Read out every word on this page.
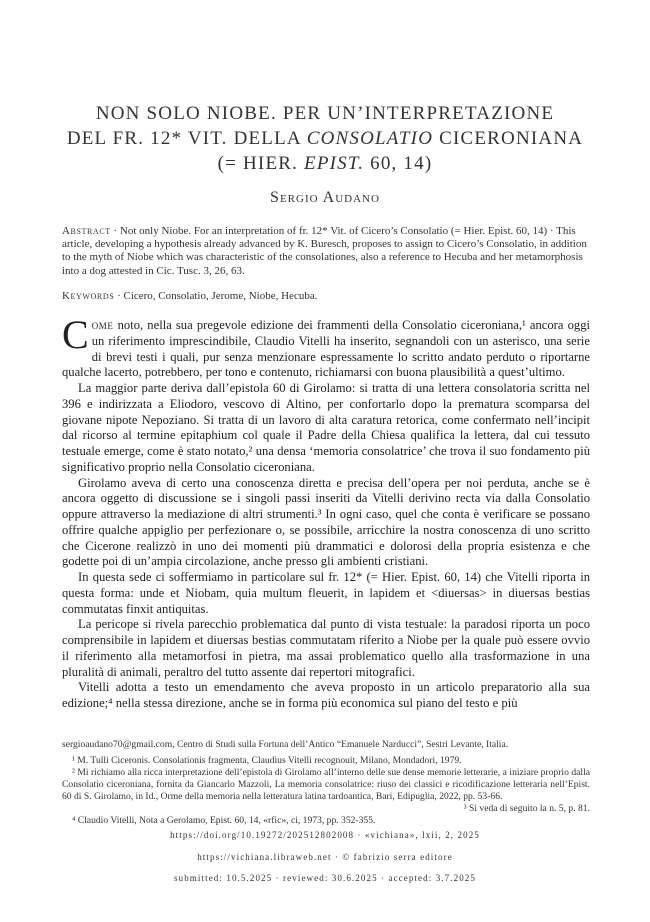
NON SOLO NIOBE. PER UN’INTERPRETAZIONE
DEL FR. 12* VIT. DELLA CONSOLATIO CICERONIANA
(= HIER. EPIST. 60, 14)
Sergio Audano
Abstract · Not only Niobe. For an interpretation of fr. 12* Vit. of Cicero’s Consolatio (= Hier. Epist. 60, 14) · This article, developing a hypothesis already advanced by K. Buresch, proposes to assign to Cicero’s Consolatio, in addition to the myth of Niobe which was characteristic of the consolationes, also a reference to Hecuba and her metamorphosis into a dog attested in Cic. Tusc. 3, 26, 63.
Keywords · Cicero, Consolatio, Jerome, Niobe, Hecuba.

Come noto, nella sua pregevole edizione dei frammenti della Consolatio ciceroniana,¹ ancora oggi un riferimento imprescindibile, Claudio Vitelli ha inserito, segnandoli con un asterisco, una serie di brevi testi i quali, pur senza menzionare espressamente lo scritto andato perduto o riportarne qualche lacerto, potrebbero, per tono e contenuto, richiamarsi con buona plausibilità a quest’ultimo.

La maggior parte deriva dall’epistola 60 di Girolamo: si tratta di una lettera consolatoria scritta nel 396 e indirizzata a Eliodoro, vescovo di Altino, per confortarlo dopo la prematura scomparsa del giovane nipote Nepoziano. Si tratta di un lavoro di alta caratura retorica, come confermato nell’incipit dal ricorso al termine epitaphium col quale il Padre della Chiesa qualifica la lettera, dal cui tessuto testuale emerge, come è stato notato,² una densa ‘memoria consolatrice’ che trova il suo fondamento più significativo proprio nella Consolatio ciceroniana.

Girolamo aveva di certo una conoscenza diretta e precisa dell’opera per noi perduta, anche se è ancora oggetto di discussione se i singoli passi inseriti da Vitelli derivino recta via dalla Consolatio oppure attraverso la mediazione di altri strumenti.³ In ogni caso, quel che conta è verificare se possano offrire qualche appiglio per perfezionare o, se possibile, arricchire la nostra conoscenza di uno scritto che Cicerone realizzò in uno dei momenti più drammatici e dolorosi della propria esistenza e che godette poi di un’ampia circolazione, anche presso gli ambienti cristiani.

In questa sede ci soffermiamo in particolare sul fr. 12* (= Hier. Epist. 60, 14) che Vitelli riporta in questa forma: unde et Niobam, quia multum fleuerit, in lapidem et <diuersas> in diuersas bestias commutatas finxit antiquitas.

La pericope si rivela parecchio problematica dal punto di vista testuale: la paradosi riporta un poco comprensibile in lapidem et diuersas bestias commutatam riferito a Niobe per la quale può essere ovvio il riferimento alla metamorfosi in pietra, ma assai problematico quello alla trasformazione in una pluralità di animali, peraltro del tutto assente dai repertori mitografici.

Vitelli adotta a testo un emendamento che aveva proposto in un articolo preparatorio alla sua edizione;⁴ nella stessa direzione, anche se in forma più economica sul piano del testo e più

sergioaudano70@gmail.com, Centro di Studi sulla Fortuna dell’Antico “Emanuele Narducci”, Sestri Levante, Italia.

¹ M. Tulli Ciceronis. Consolationis fragmenta, Claudius Vitelli recognouit, Milano, Mondadori, 1979.

² Mi richiamo alla ricca interpretazione dell’epistola di Girolamo all’interno delle sue dense memorie letterarie, a iniziare proprio dalla Consolatio ciceroniana, fornita da Giancarlo Mazzoli, La memoria consolatrice: riuso dei classici e ricodificazione letteraria nell’Epist. 60 di S. Girolamo, in Id., Orme della memoria nella letteratura latina tardoantica, Bari, Edipuglia, 2022, pp. 53-66.

³ Si veda di seguito la n. 5, p. 81.

⁴ Claudio Vitelli, Nota a Gerolamo, Epist. 60, 14, «rfic», ci, 1973, pp. 352-355.

https://doi.org/10.19272/202512802008 · «vichiana», lxii, 2, 2025
https://vichiana.libraweb.net · © fabrizio serra editore
submitted: 10.5.2025 · reviewed: 30.6.2025 · accepted: 3.7.2025
